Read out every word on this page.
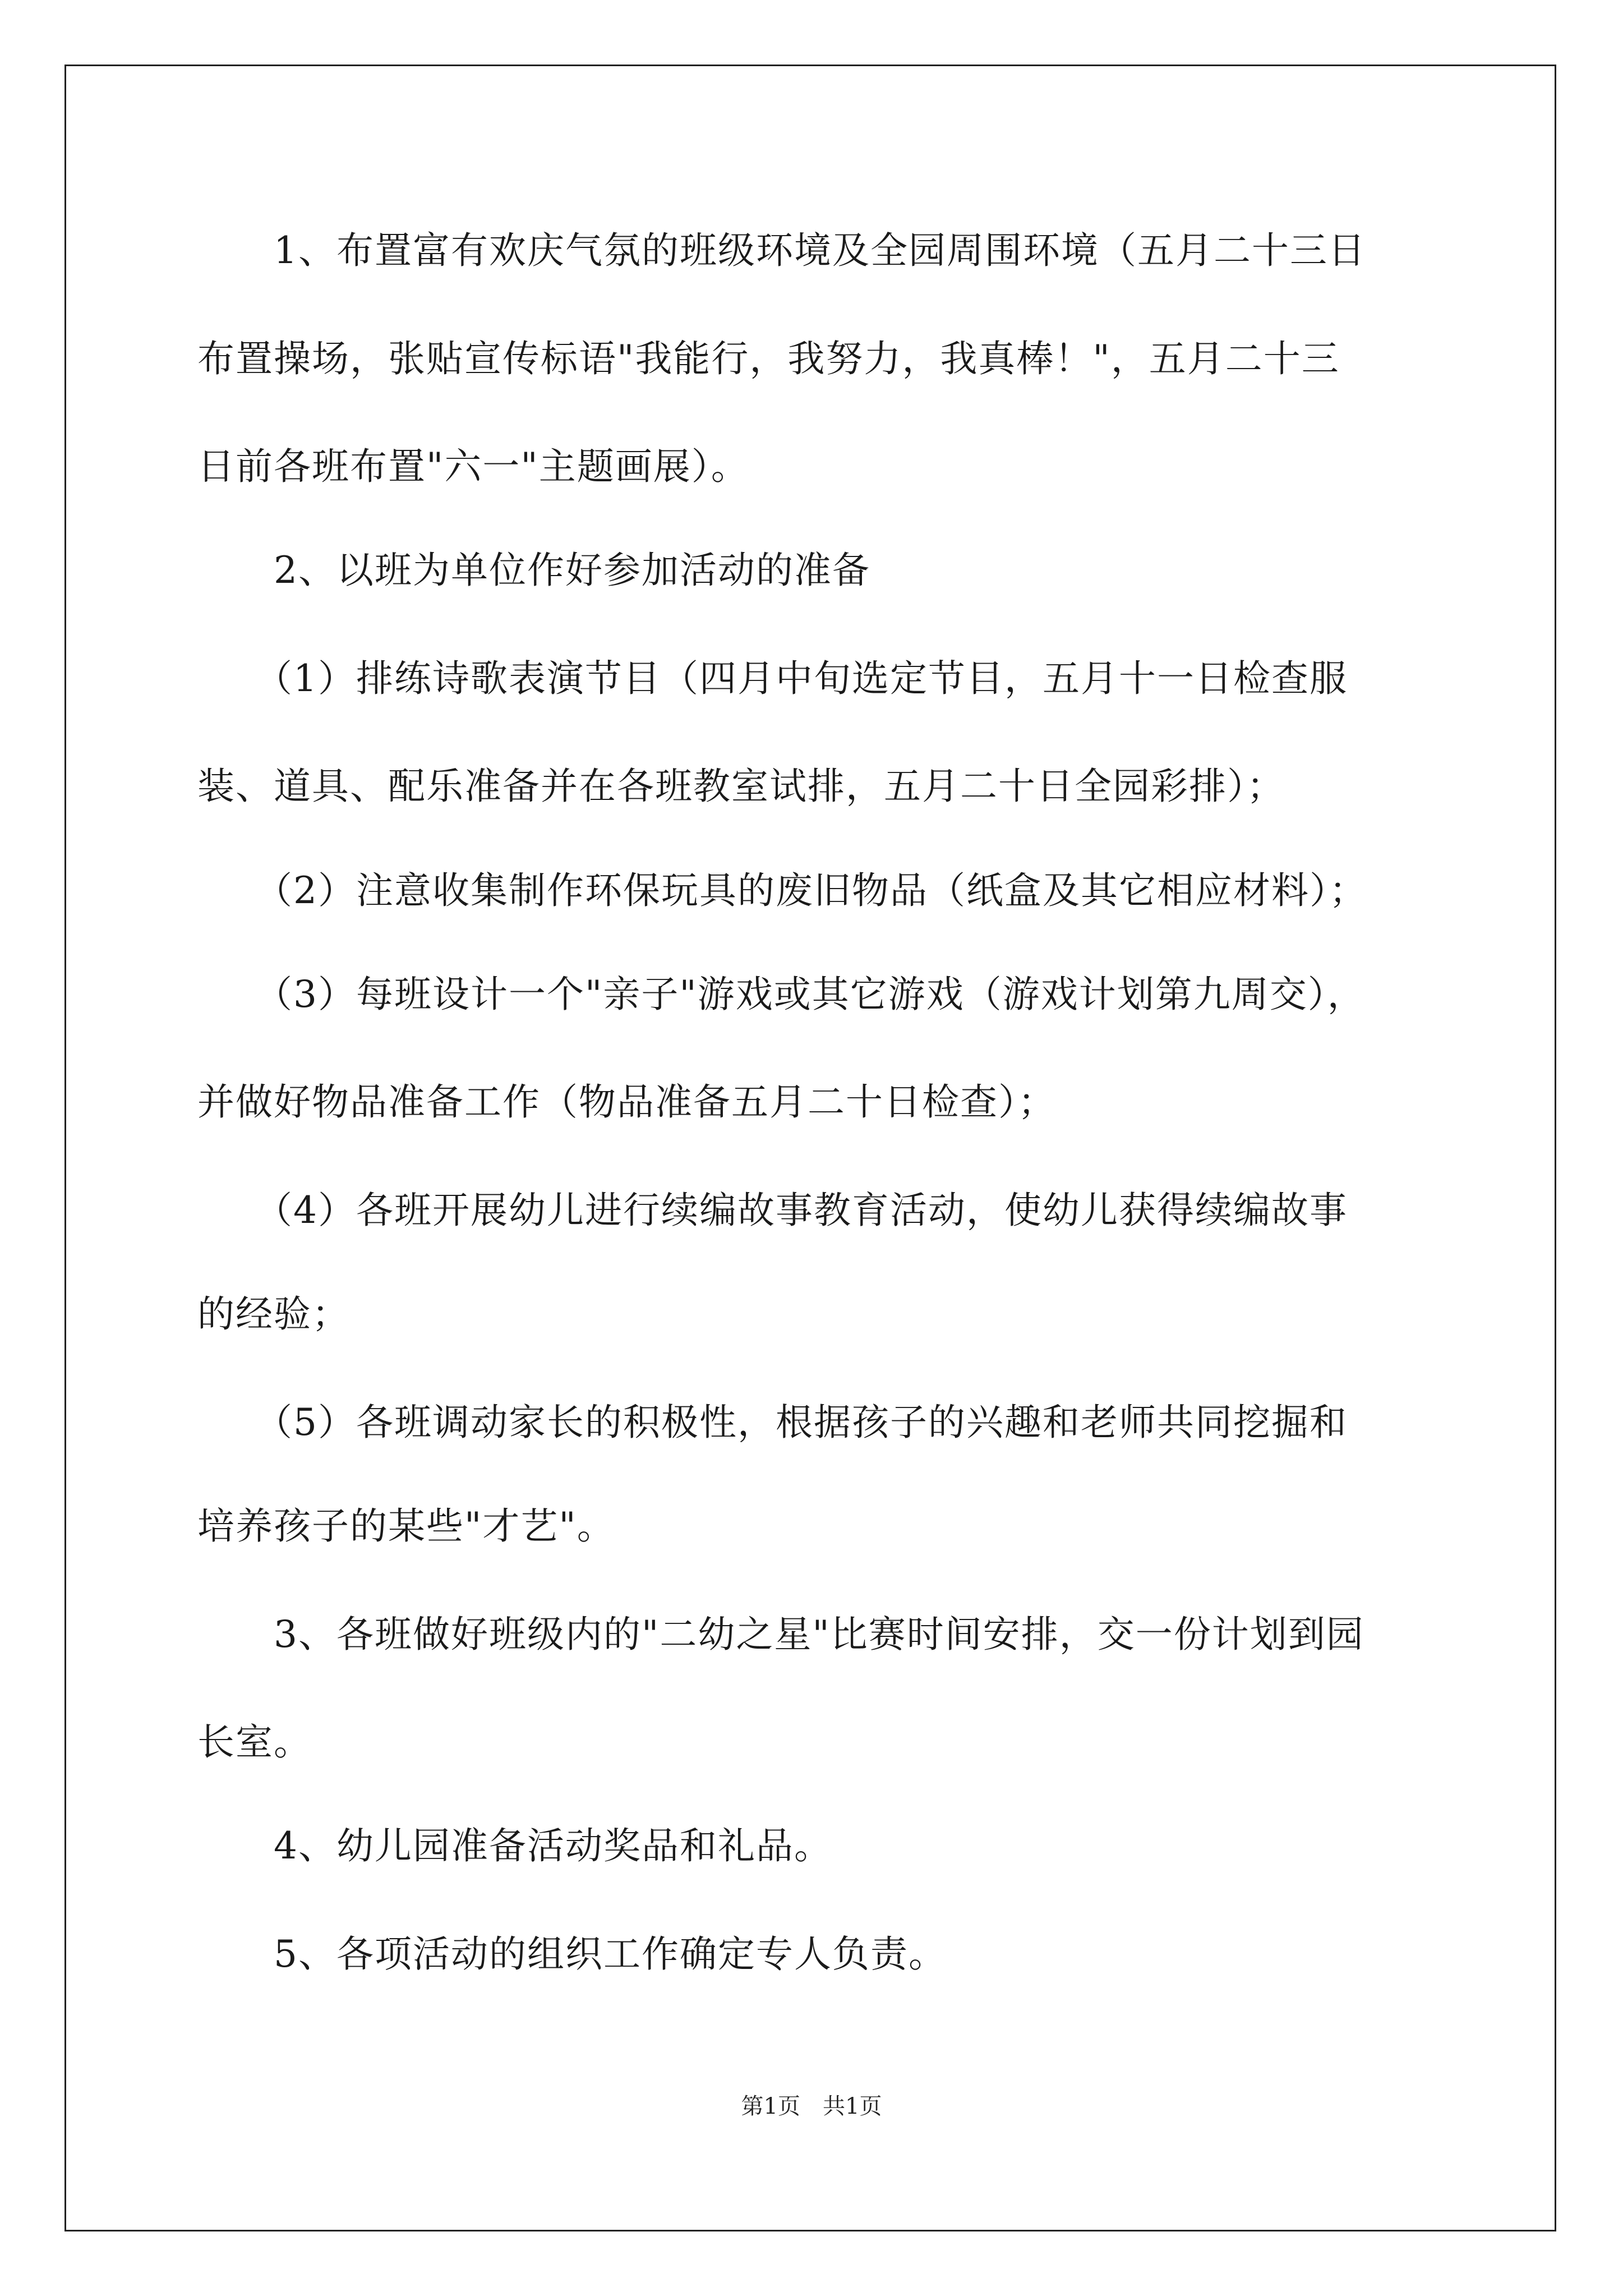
　　1、布置富有欢庆气氛的班级环境及全园周围环境（五月二十三日
布置操场，张贴宣传标语"我能行，我努力，我真棒！"，五月二十三
日前各班布置"六一"主题画展）。
　　2、以班为单位作好参加活动的准备
　　（1）排练诗歌表演节目（四月中旬选定节目，五月十一日检查服
装、道具、配乐准备并在各班教室试排，五月二十日全园彩排）；
　　（2）注意收集制作环保玩具的废旧物品（纸盒及其它相应材料）；
　　（3）每班设计一个"亲子"游戏或其它游戏（游戏计划第九周交），
并做好物品准备工作（物品准备五月二十日检查）；
　　（4）各班开展幼儿进行续编故事教育活动，使幼儿获得续编故事
的经验；
　　（5）各班调动家长的积极性，根据孩子的兴趣和老师共同挖掘和
培养孩子的某些"才艺"。
　　3、各班做好班级内的"二幼之星"比赛时间安排，交一份计划到园
长室。
　　4、幼儿园准备活动奖品和礼品。
　　5、各项活动的组织工作确定专人负责。
第1页　共1页
